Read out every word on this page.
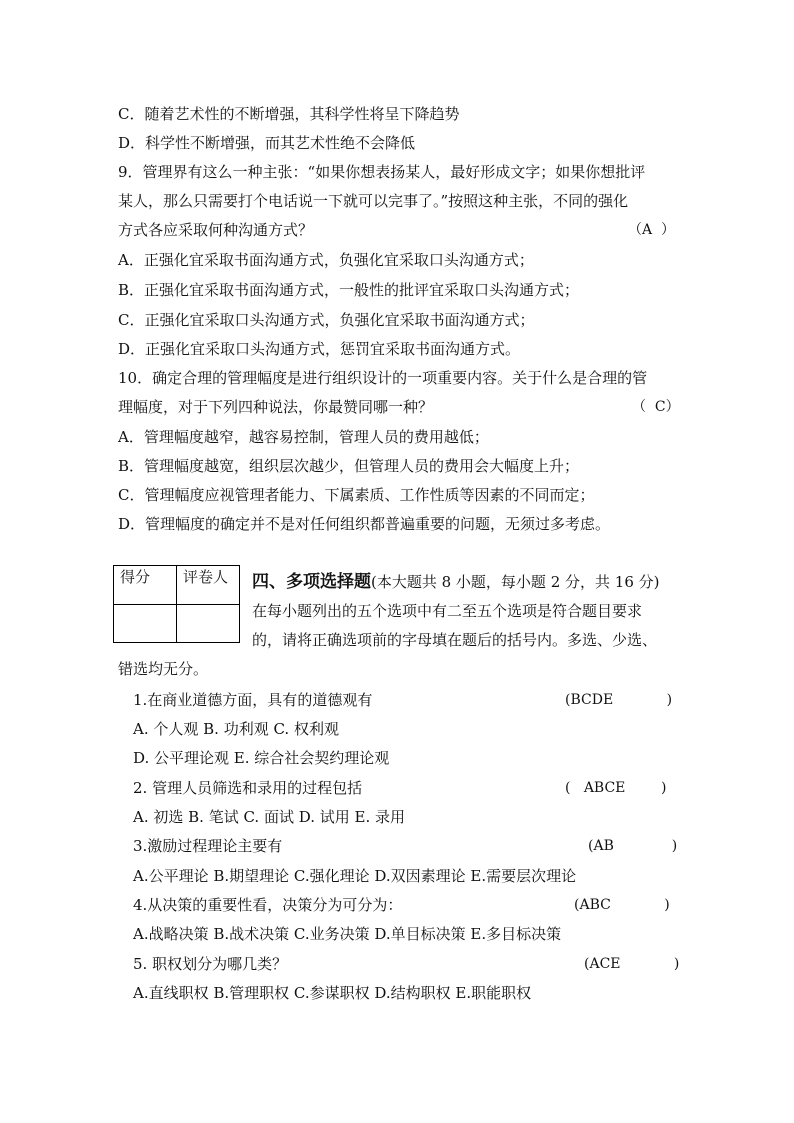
C．随着艺术性的不断增强，其科学性将呈下降趋势
D．科学性不断增强，而其艺术性绝不会降低
9．管理界有这么一种主张：“如果你想表扬某人，最好形成文字；如果你想批评
某人，那么只需要打个电话说一下就可以完事了。”按照这种主张，不同的强化
方式各应采取何种沟通方式？	（A  ）
A．正强化宜采取书面沟通方式，负强化宜采取口头沟通方式；
B．正强化宜采取书面沟通方式，一般性的批评宜采取口头沟通方式；
C．正强化宜采取口头沟通方式，负强化宜采取书面沟通方式；
D．正强化宜采取口头沟通方式，惩罚宜采取书面沟通方式。
10．确定合理的管理幅度是进行组织设计的一项重要内容。关于什么是合理的管
理幅度，对于下列四种说法，你最赞同哪一种？	（  C）
A．管理幅度越窄，越容易控制，管理人员的费用越低；
B．管理幅度越宽，组织层次越少，但管理人员的费用会大幅度上升；
C．管理幅度应视管理者能力、下属素质、工作性质等因素的不同而定；
D．管理幅度的确定并不是对任何组织都普遍重要的问题，无须过多考虑。
得分	评卷人
	四、多项选择题(本大题共 8 小题，每小题 2 分，共 16 分)
在每小题列出的五个选项中有二至五个选项是符合题目要求
的，请将正确选项前的字母填在题后的括号内。多选、少选、
错选均无分。
1.在商业道德方面，具有的道德观有	(BCDE            )
A. 个人观 B. 功利观 C. 权利观
D. 公平理论观 E. 综合社会契约理论观
2. 管理人员筛选和录用的过程包括	(   ABCE        )
A. 初选 B. 笔试 C. 面试 D. 试用 E. 录用
3.激励过程理论主要有	(AB             )
A.公平理论 B.期望理论 C.强化理论 D.双因素理论 E.需要层次理论
4.从决策的重要性看，决策分为可分为：	(ABC            )
A.战略决策 B.战术决策 C.业务决策 D.单目标决策 E.多目标决策
5. 职权划分为哪几类？	(ACE            )
A.直线职权 B.管理职权 C.参谋职权 D.结构职权 E.职能职权
